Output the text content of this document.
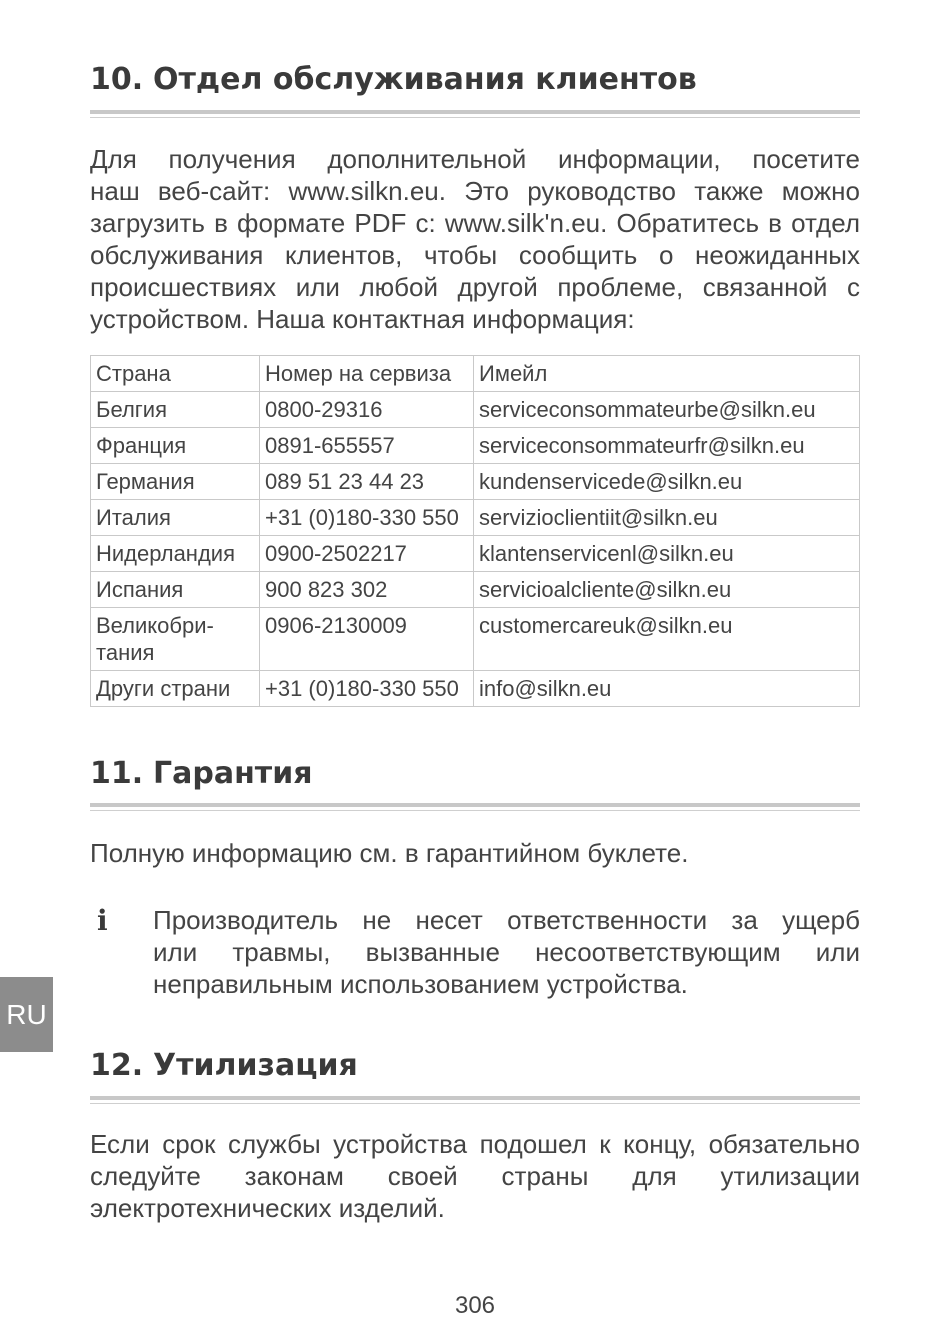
10. Отдел обслуживания клиентов
Для получения дополнительной информации, посетите
наш веб-сайт: www.silkn.eu. Это руководство также можно
загрузить в формате PDF с: www.silk'n.eu. Обратитесь в отдел
обслуживания клиентов, чтобы сообщить о неожиданных
происшествиях или любой другой проблеме, связанной с
устройством. Наша контактная информация:
Страна	Номер на сервиза	Имейл
Белгия	0800-29316	serviceconsommateurbe@silkn.eu
Франция	0891-655557	serviceconsommateurfr@silkn.eu
Германия	089 51 23 44 23	kundenservicede@silkn.eu
Италия	+31 (0)180-330 550	servizioclientiit@silkn.eu
Нидерландия	0900-2502217	klantenservicenl@silkn.eu
Испания	900 823 302	servicioalcliente@silkn.eu
Великобри-
тания	0906-2130009	customercareuk@silkn.eu
Други страни	+31 (0)180-330 550	info@silkn.eu
11. Гарантия

Полную информацию см. в гарантийном буклете.

i Производитель не несет ответственности за ущерб
или травмы, вызванные несоответствующим или
неправильным использованием устройства.
12. Утилизация
Если срок службы устройства подошел к концу, обязательно
следуйте законам своей страны для утилизации
электротехнических изделий.
RU
306
